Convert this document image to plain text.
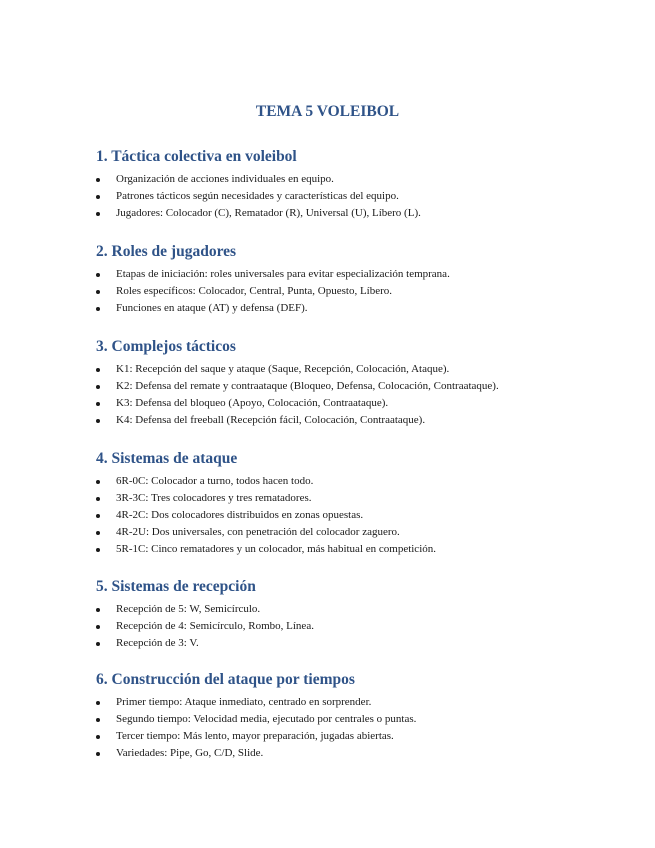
TEMA 5 VOLEIBOL
1. Táctica colectiva en voleibol
Organización de acciones individuales en equipo.
Patrones tácticos según necesidades y características del equipo.
Jugadores: Colocador (C), Rematador (R), Universal (U), Líbero (L).
2. Roles de jugadores
Etapas de iniciación: roles universales para evitar especialización temprana.
Roles específicos: Colocador, Central, Punta, Opuesto, Líbero.
Funciones en ataque (AT) y defensa (DEF).
3. Complejos tácticos
K1: Recepción del saque y ataque (Saque, Recepción, Colocación, Ataque).
K2: Defensa del remate y contraataque (Bloqueo, Defensa, Colocación, Contraataque).
K3: Defensa del bloqueo (Apoyo, Colocación, Contraataque).
K4: Defensa del freeball (Recepción fácil, Colocación, Contraataque).
4. Sistemas de ataque
6R-0C: Colocador a turno, todos hacen todo.
3R-3C: Tres colocadores y tres rematadores.
4R-2C: Dos colocadores distribuidos en zonas opuestas.
4R-2U: Dos universales, con penetración del colocador zaguero.
5R-1C: Cinco rematadores y un colocador, más habitual en competición.
5. Sistemas de recepción
Recepción de 5: W, Semicírculo.
Recepción de 4: Semicírculo, Rombo, Línea.
Recepción de 3: V.
6. Construcción del ataque por tiempos
Primer tiempo: Ataque inmediato, centrado en sorprender.
Segundo tiempo: Velocidad media, ejecutado por centrales o puntas.
Tercer tiempo: Más lento, mayor preparación, jugadas abiertas.
Variedades: Pipe, Go, C/D, Slide.
